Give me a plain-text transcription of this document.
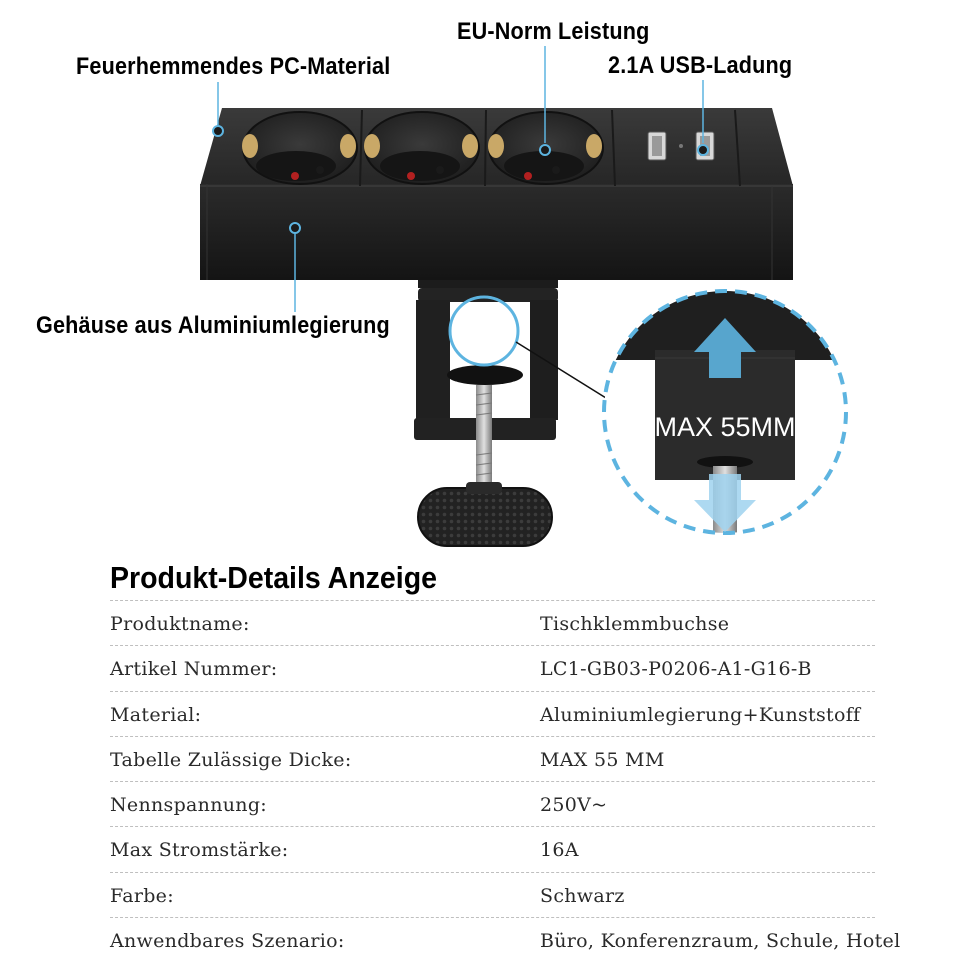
MAX 55MM

Feuerhemmendes PC-Material

EU-Norm Leistung

2.1A USB-Ladung

Gehäuse aus Aluminiumlegierung

Produkt-Details Anzeige
Produktname:	Tischklemmbuchse
Artikel Nummer:	LC1-GB03-P0206-A1-G16-B
Material:	Aluminiumlegierung+Kunststoff
Tabelle Zulässige Dicke:	MAX 55 MM
Nennspannung:	250V~
Max Stromstärke:	16A
Farbe:	Schwarz
Anwendbares Szenario:	Büro, Konferenzraum, Schule, Hotel
